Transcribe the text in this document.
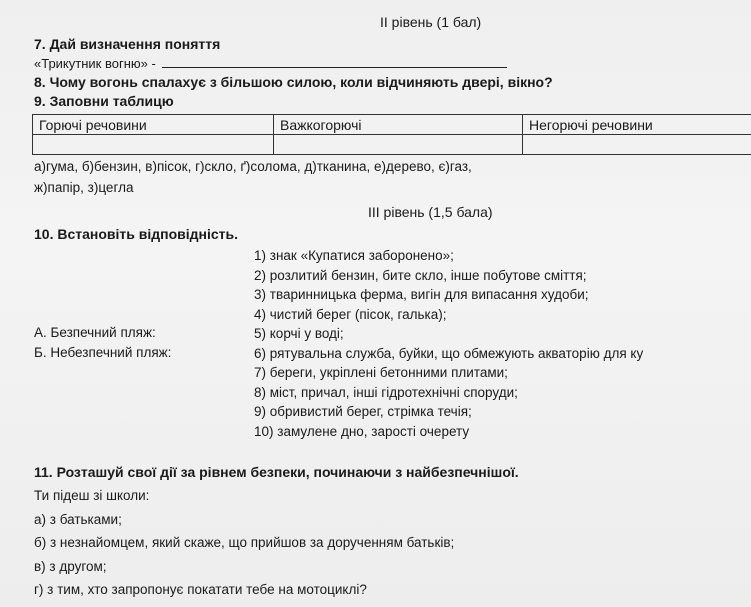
II рівень (1 бал)
7. Дай визначення поняття
«Трикутник вогню» -
8. Чому вогонь спалахує з більшою силою, коли відчиняють двері, вікно?
9. Заповни таблицю
Горючі речовини	Важкогорючі	Негорючі речовини

а)гума, б)бензин, в)пісок, г)скло, ґ)солома, д)тканина, е)дерево, є)газ,
ж)папір, з)цегла
III рівень (1,5 бала)
10. Встановіть відповідність.
1) знак «Купатися заборонено»;
2) розлитий бензин, бите скло, інше побутове сміття;
3) тваринницька ферма, вигін для випасання худоби;
4) чистий берег (пісок, галька);
5) корчі у воді;
6) рятувальна служба, буйки, що обмежують акваторію для ку
7) береги, укріплені бетонними плитами;
8) міст, причал, інші гідротехнічні споруди;
9) обривистий берег, стрімка течія;
10) замулене дно, зарості очерету
А. Безпечний пляж:
Б. Небезпечний пляж:
11. Розташуй свої дії за рівнем безпеки, починаючи з найбезпечнішої.
Ти підеш зі школи:
а) з батьками;
б) з незнайомцем, який скаже, що прийшов за дорученням батьків;
в) з другом;
г) з тим, хто запропонує покатати тебе на мотоциклі?
